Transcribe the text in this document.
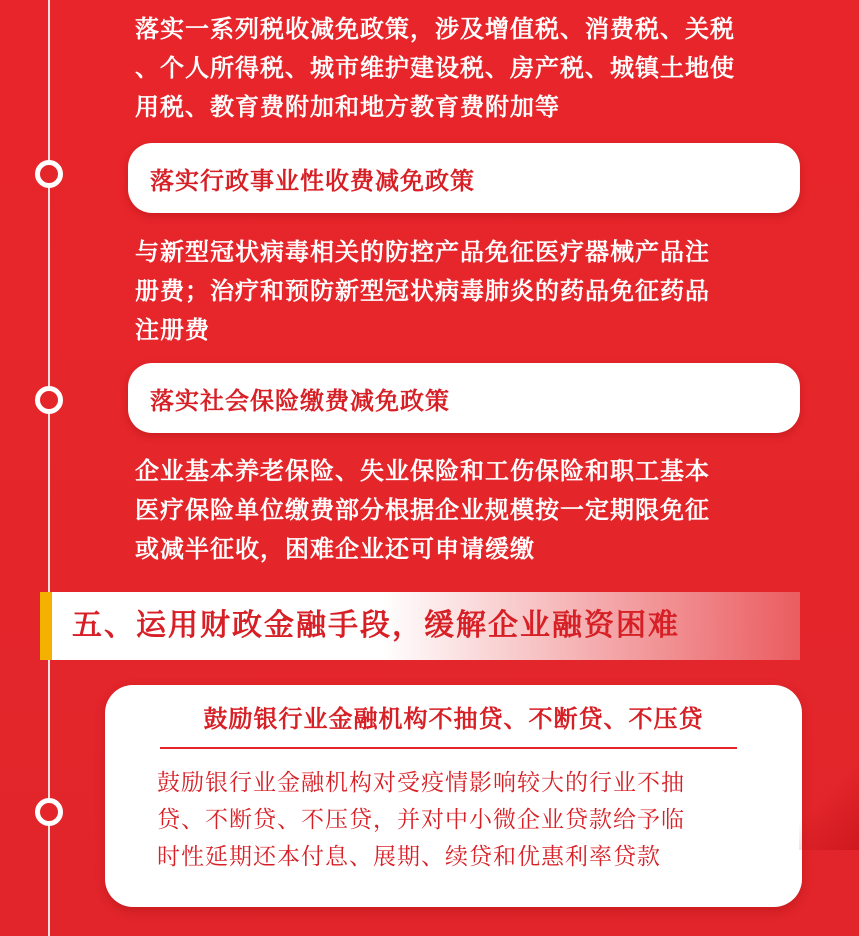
落实一系列税收减免政策，涉及增值税、消费税、关税
、个人所得税、城市维护建设税、房产税、城镇土地使
用税、教育费附加和地方教育费附加等
落实行政事业性收费减免政策
与新型冠状病毒相关的防控产品免征医疗器械产品注
册费；治疗和预防新型冠状病毒肺炎的药品免征药品
注册费
落实社会保险缴费减免政策
企业基本养老保险、失业保险和工伤保险和职工基本
医疗保险单位缴费部分根据企业规模按一定期限免征
或减半征收，困难企业还可申请缓缴
五、运用财政金融手段，缓解企业融资困难
鼓励银行业金融机构不抽贷、不断贷、不压贷
鼓励银行业金融机构对受疫情影响较大的行业不抽
贷、不断贷、不压贷，并对中小微企业贷款给予临
时性延期还本付息、展期、续贷和优惠利率贷款
